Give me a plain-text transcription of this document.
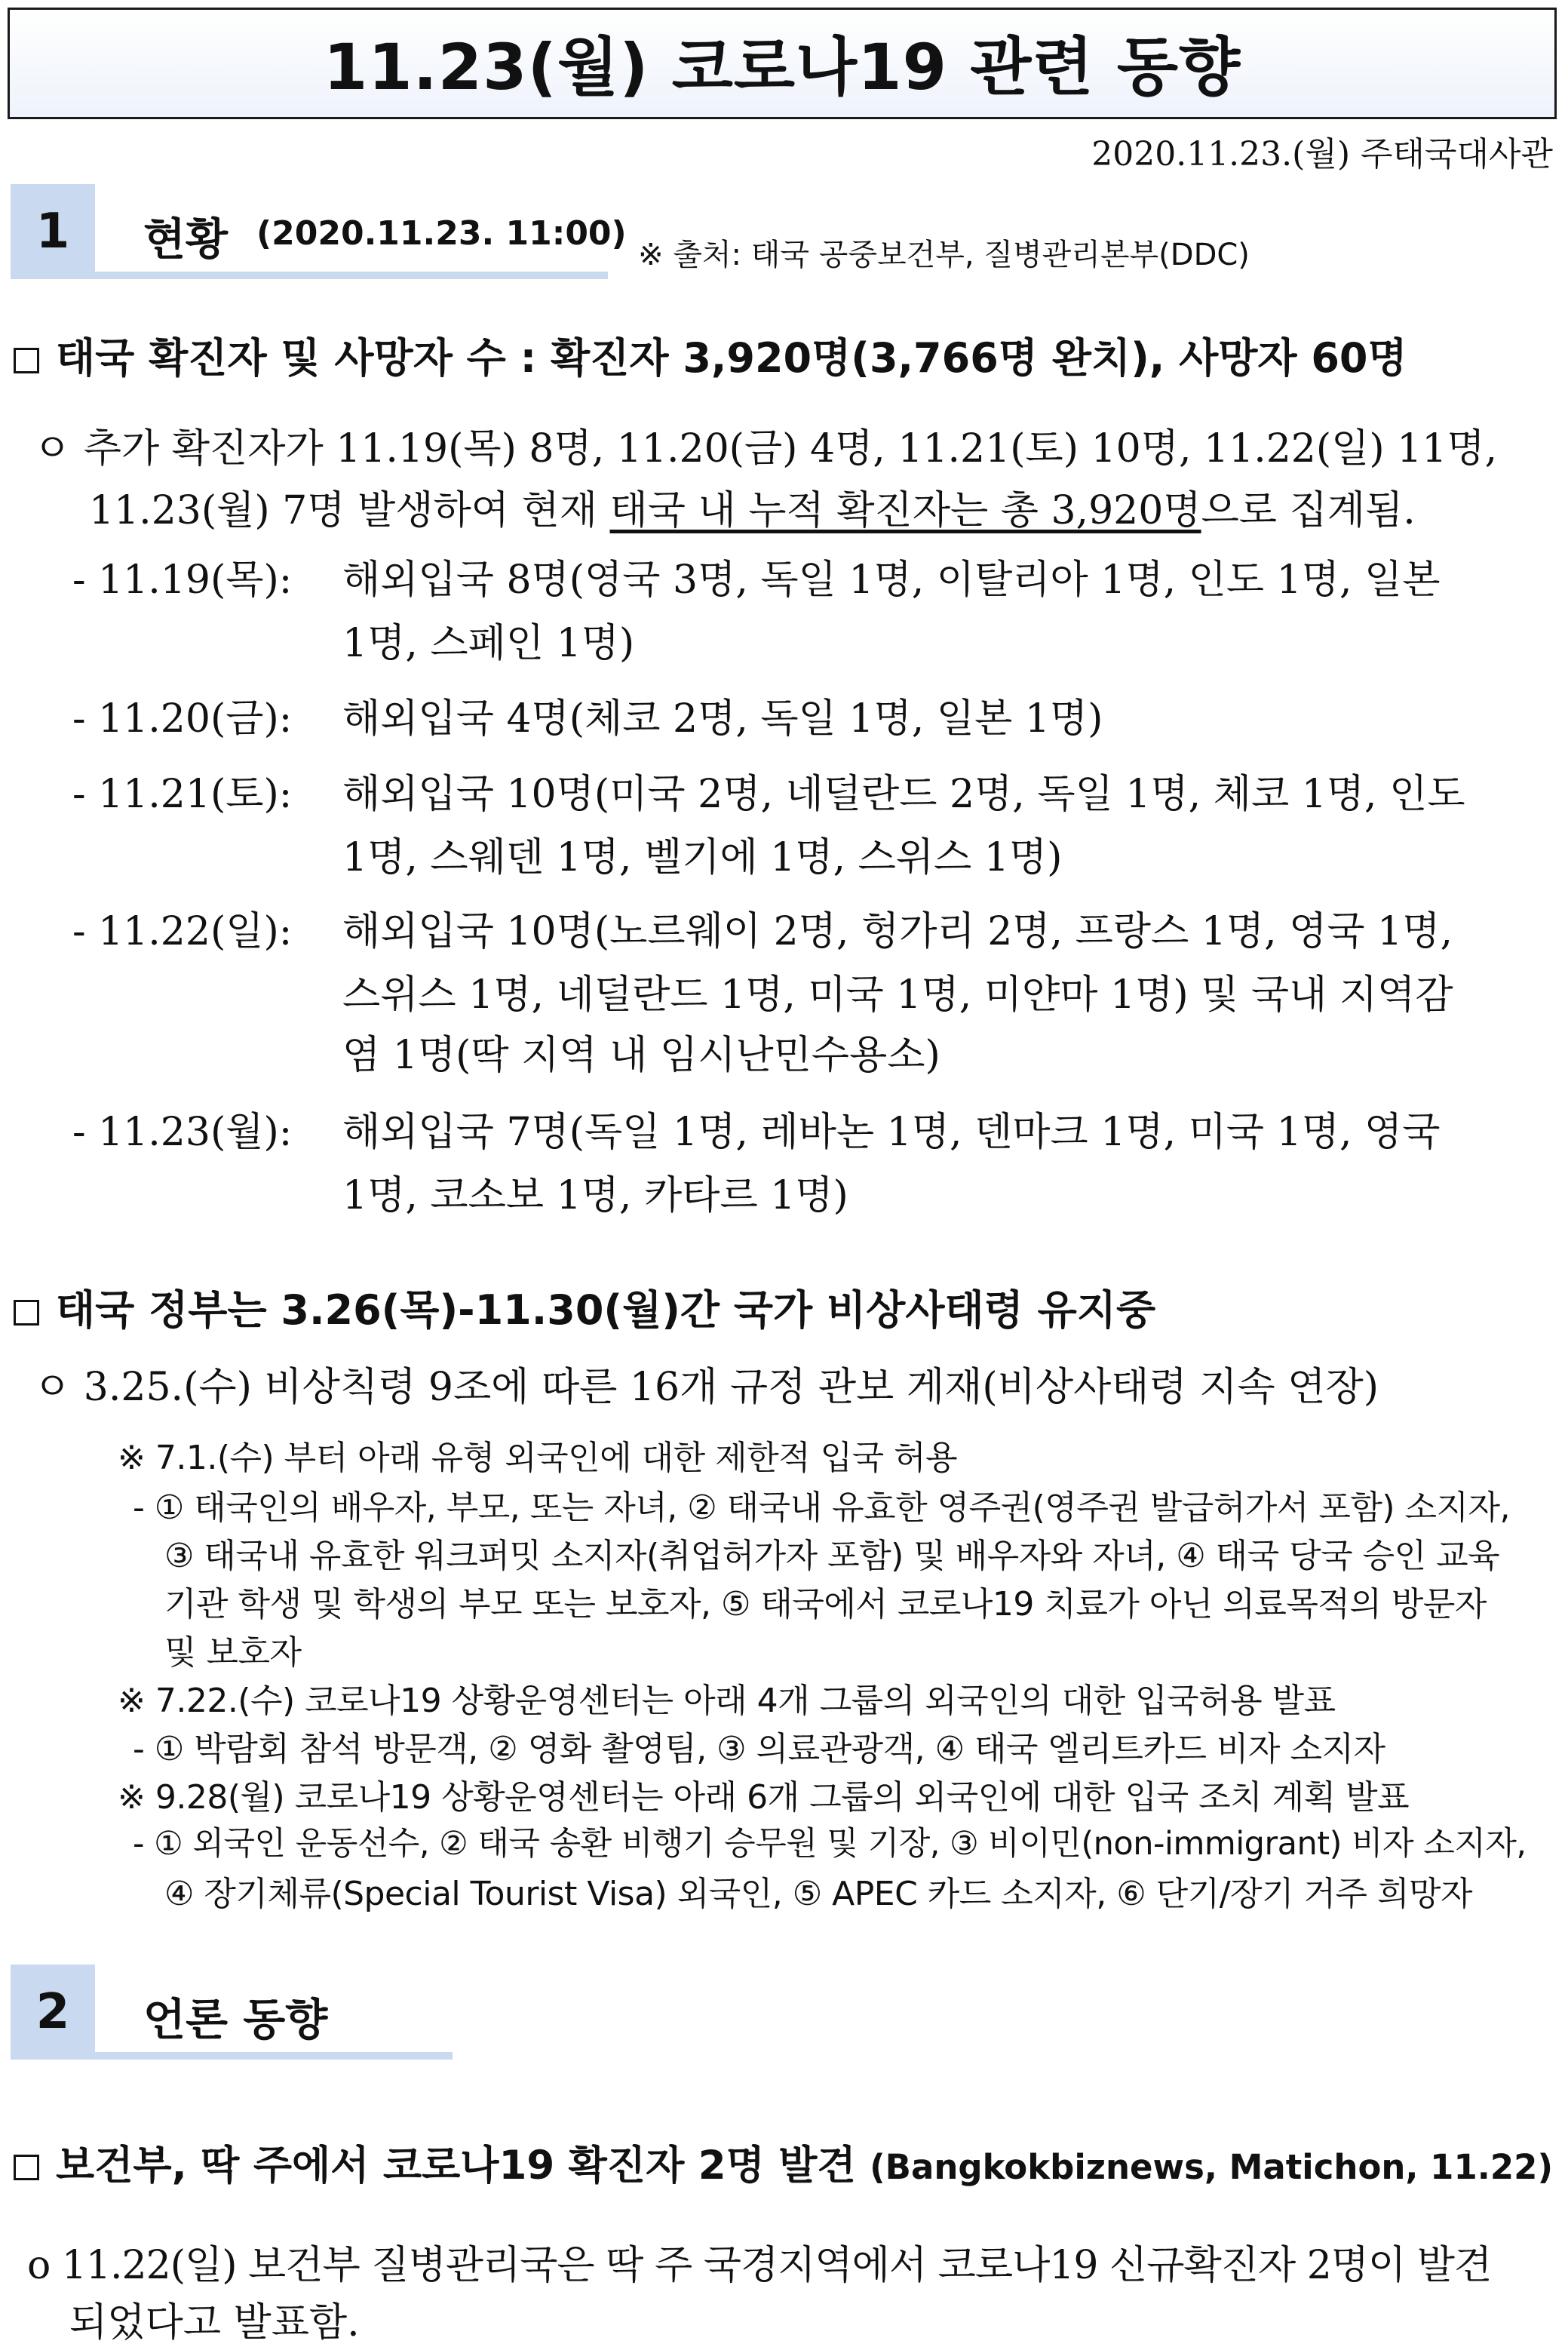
11.23(월) 코로나19 관련 동향
2020.11.23.(월) 주태국대사관
1	현황 (2020.11.23. 11:00)
※ 출처: 태국 공중보건부, 질병관리본부(DDC)
태국 확진자 및 사망자 수 : 확진자 3,920명(3,766명 완치), 사망자 60명
ㅇ 추가 확진자가 11.19(목) 8명, 11.20(금) 4명, 11.21(토) 10명, 11.22(일) 11명,
11.23(월) 7명 발생하여 현재 태국 내 누적 확진자는 총 3,920명으로 집계됨.
- 11.19(목): 해외입국 8명(영국 3명, 독일 1명, 이탈리아 1명, 인도 1명, 일본
1명, 스페인 1명)
- 11.20(금): 해외입국 4명(체코 2명, 독일 1명, 일본 1명)
- 11.21(토): 해외입국 10명(미국 2명, 네덜란드 2명, 독일 1명, 체코 1명, 인도
1명, 스웨덴 1명, 벨기에 1명, 스위스 1명)
- 11.22(일): 해외입국 10명(노르웨이 2명, 헝가리 2명, 프랑스 1명, 영국 1명,
스위스 1명, 네덜란드 1명, 미국 1명, 미얀마 1명) 및 국내 지역감
염 1명(딱 지역 내 임시난민수용소)
- 11.23(월): 해외입국 7명(독일 1명, 레바논 1명, 덴마크 1명, 미국 1명, 영국
1명, 코소보 1명, 카타르 1명)
태국 정부는 3.26(목)-11.30(월)간 국가 비상사태령 유지중
ㅇ 3.25.(수) 비상칙령 9조에 따른 16개 규정 관보 게재(비상사태령 지속 연장)
※ 7.1.(수) 부터 아래 유형 외국인에 대한 제한적 입국 허용
- ① 태국인의 배우자, 부모, 또는 자녀, ② 태국내 유효한 영주권(영주권 발급허가서 포함) 소지자,
③ 태국내 유효한 워크퍼밋 소지자(취업허가자 포함) 및 배우자와 자녀, ④ 태국 당국 승인 교육
기관 학생 및 학생의 부모 또는 보호자, ⑤ 태국에서 코로나19 치료가 아닌 의료목적의 방문자
및 보호자
※ 7.22.(수) 코로나19 상황운영센터는 아래 4개 그룹의 외국인의 대한 입국허용 발표
- ① 박람회 참석 방문객, ② 영화 촬영팀, ③ 의료관광객, ④ 태국 엘리트카드 비자 소지자
※ 9.28(월) 코로나19 상황운영센터는 아래 6개 그룹의 외국인에 대한 입국 조치 계획 발표
- ① 외국인 운동선수, ② 태국 송환 비행기 승무원 및 기장, ③ 비이민(non-immigrant) 비자 소지자,
④ 장기체류(Special Tourist Visa) 외국인, ⑤ APEC 카드 소지자, ⑥ 단기/장기 거주 희망자
2	언론 동향
보건부, 딱 주에서 코로나19 확진자 2명 발견 (Bangkokbiznews, Matichon, 11.22)
o 11.22(일) 보건부 질병관리국은 딱 주 국경지역에서 코로나19 신규확진자 2명이 발견
되었다고 발표함.
